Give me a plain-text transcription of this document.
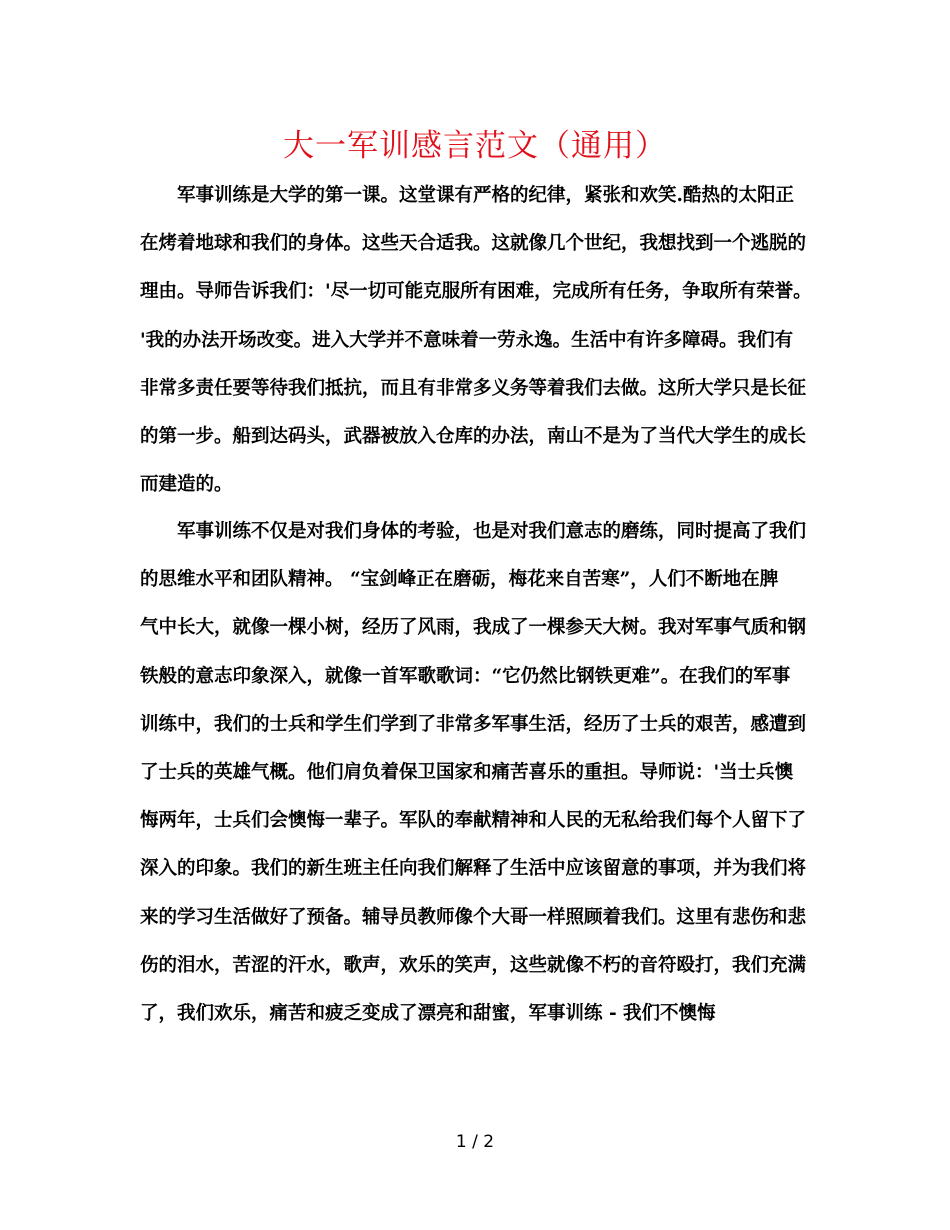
大一军训感言范文（通用）
军事训练是大学的第一课。这堂课有严格的纪律，紧张和欢笑.酷热的太阳正
在烤着地球和我们的身体。这些天合适我。这就像几个世纪，我想找到一个逃脱的
理由。导师告诉我们：'尽一切可能克服所有困难，完成所有任务，争取所有荣誉。
'我的办法开场改变。进入大学并不意味着一劳永逸。生活中有许多障碍。我们有
非常多责任要等待我们抵抗，而且有非常多义务等着我们去做。这所大学只是长征
的第一步。船到达码头，武器被放入仓库的办法，南山不是为了当代大学生的成长
而建造的。
军事训练不仅是对我们身体的考验，也是对我们意志的磨练，同时提高了我们
的思维水平和团队精神。 “宝剑峰正在磨砺，梅花来自苦寒”，人们不断地在脾
气中长大，就像一棵小树，经历了风雨，我成了一棵参天大树。我对军事气质和钢
铁般的意志印象深入，就像一首军歌歌词：“它仍然比钢铁更难”。在我们的军事
训练中，我们的士兵和学生们学到了非常多军事生活，经历了士兵的艰苦，感遭到
了士兵的英雄气概。他们肩负着保卫国家和痛苦喜乐的重担。导师说：'当士兵懊
悔两年，士兵们会懊悔一辈子。军队的奉献精神和人民的无私给我们每个人留下了
深入的印象。我们的新生班主任向我们解释了生活中应该留意的事项，并为我们将
来的学习生活做好了预备。辅导员教师像个大哥一样照顾着我们。这里有悲伤和悲
伤的泪水，苦涩的汗水，歌声，欢乐的笑声，这些就像不朽的音符殴打，我们充满
了，我们欢乐，痛苦和疲乏变成了漂亮和甜蜜，军事训练 - 我们不懊悔
1 / 2
